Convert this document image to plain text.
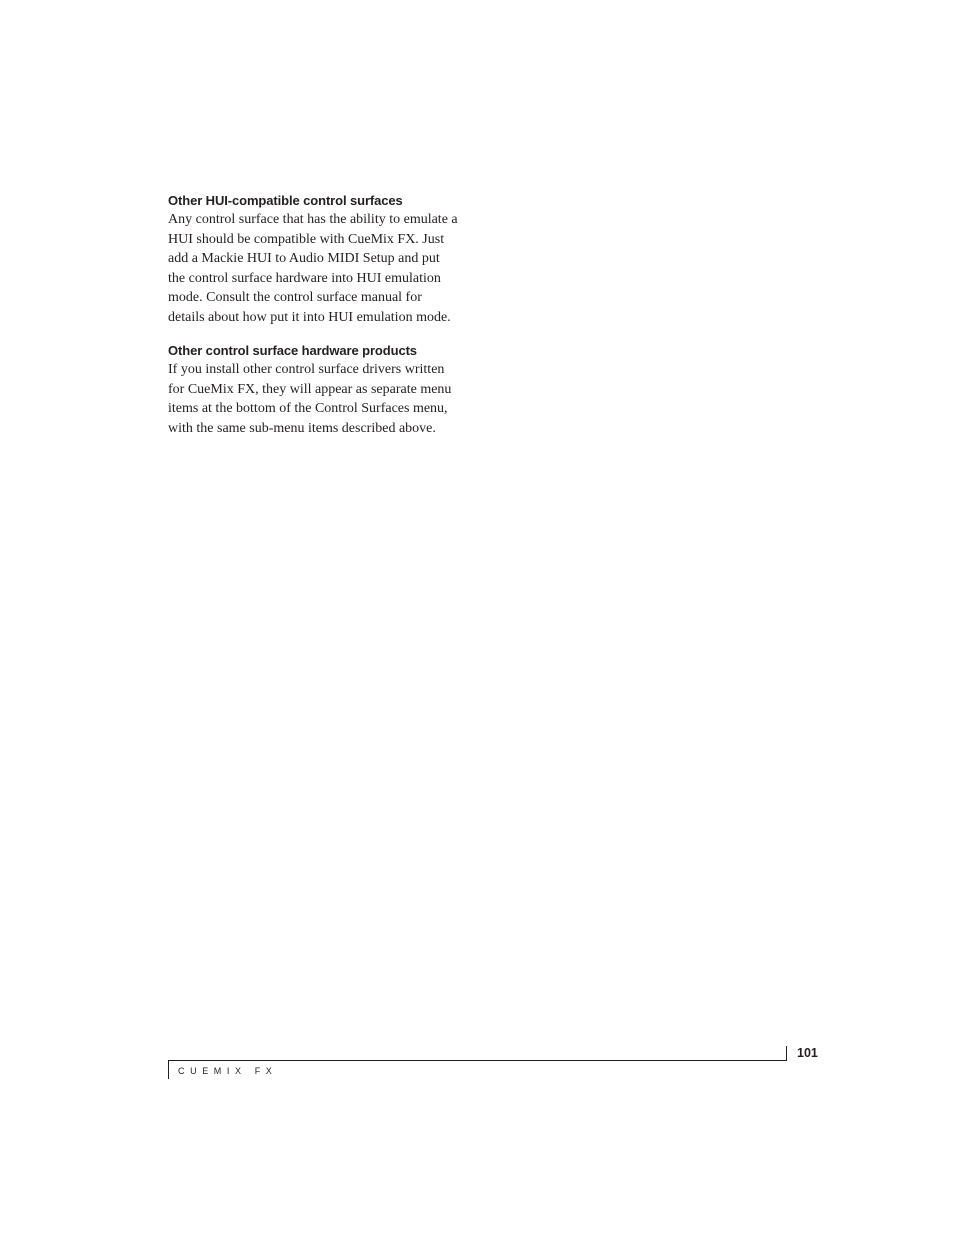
Other HUI-compatible control surfaces
Any control surface that has the ability to emulate a
HUI should be compatible with CueMix FX. Just
add a Mackie HUI to Audio MIDI Setup and put
the control surface hardware into HUI emulation
mode. Consult the control surface manual for
details about how put it into HUI emulation mode.
Other control surface hardware products
If you install other control surface drivers written
for CueMix FX, they will appear as separate menu
items at the bottom of the Control Surfaces menu,
with the same sub-menu items described above.
CUEMIX FX
101
